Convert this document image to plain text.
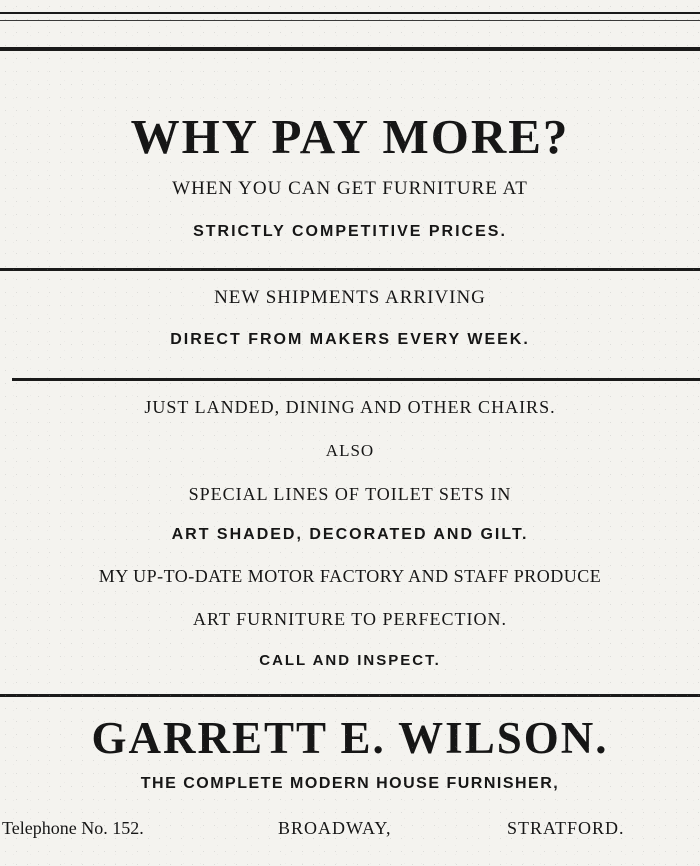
WHY PAY MORE?
WHEN YOU CAN GET FURNITURE AT
STRICTLY COMPETITIVE PRICES.
NEW SHIPMENTS ARRIVING
DIRECT FROM MAKERS EVERY WEEK.
JUST LANDED, DINING AND OTHER CHAIRS.
ALSO
SPECIAL LINES OF TOILET SETS IN
ART SHADED, DECORATED AND GILT.
MY UP-TO-DATE MOTOR FACTORY AND STAFF PRODUCE
ART FURNITURE TO PERFECTION.
CALL AND INSPECT.
GARRETT E. WILSON.
THE COMPLETE MODERN HOUSE FURNISHER,
Telephone No. 152.	BROADWAY,	STRATFORD.
